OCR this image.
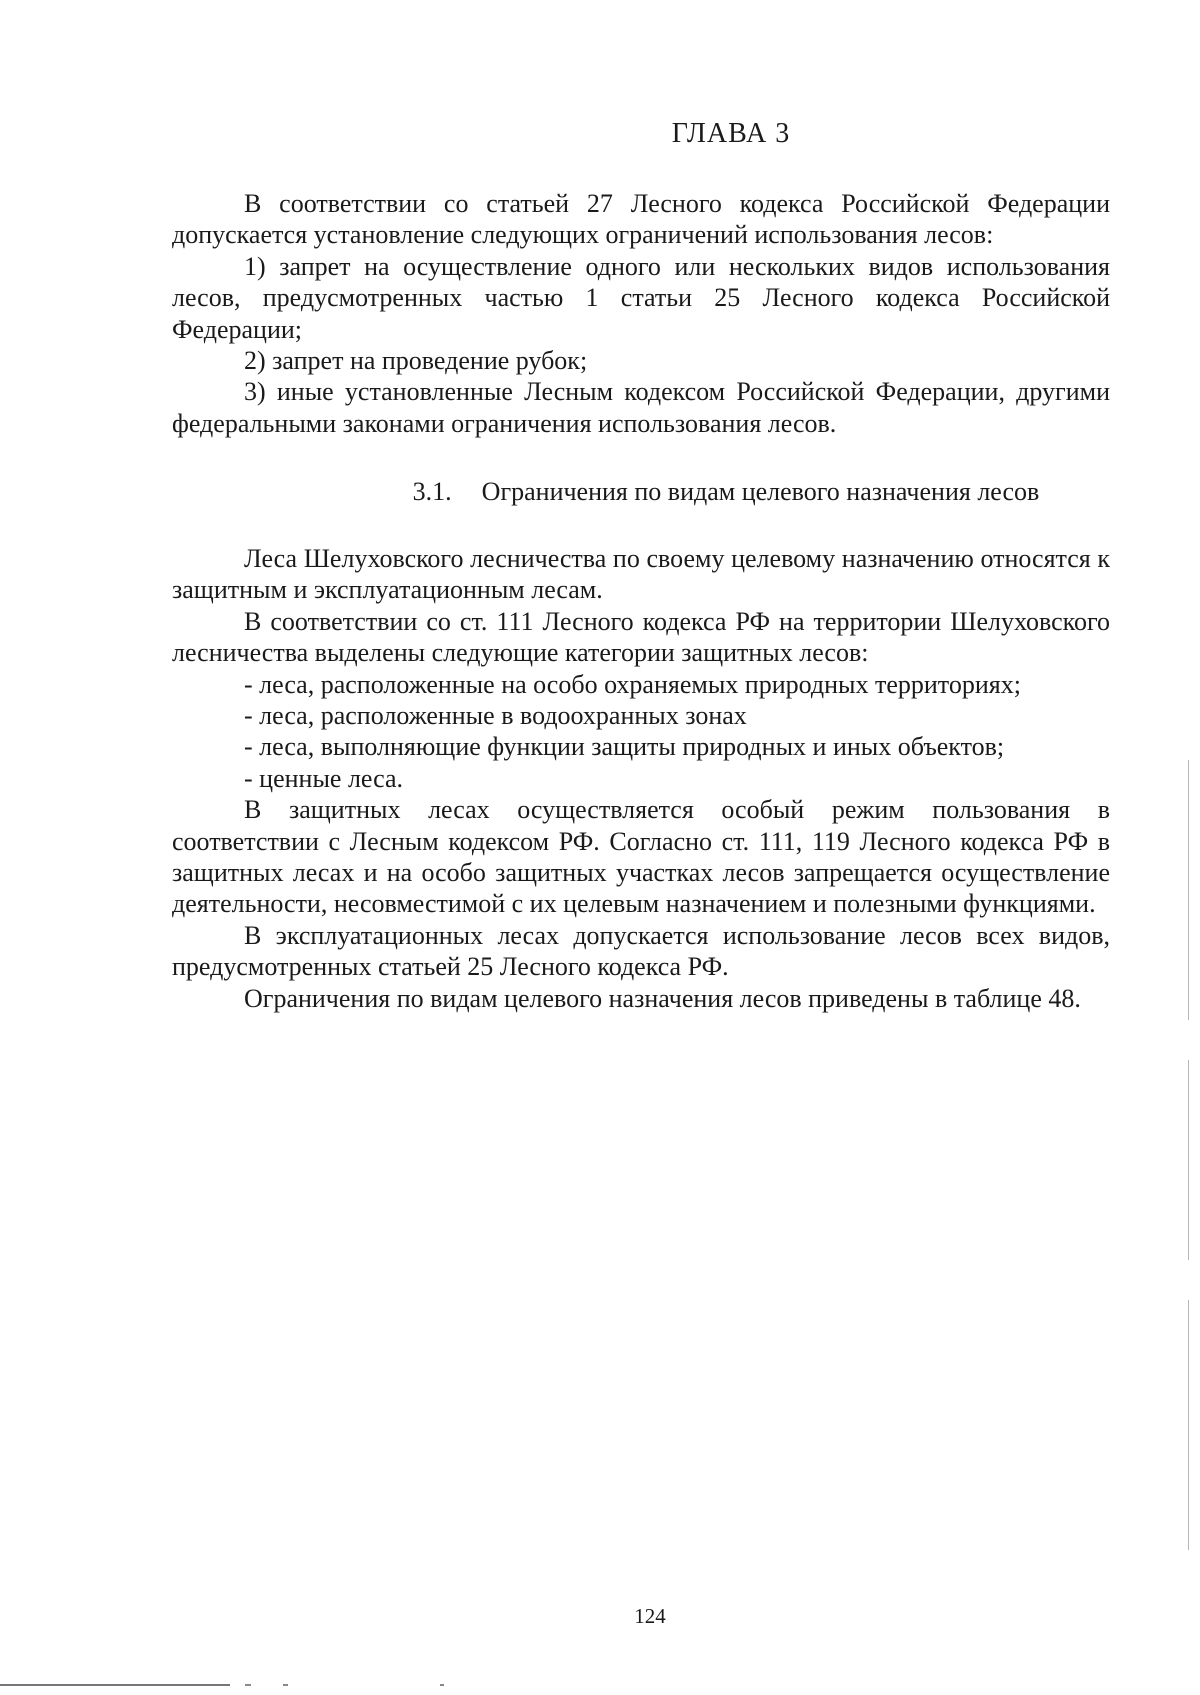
ГЛАВА 3

В соответствии со статьей 27 Лесного кодекса Российской Федерации допускается установление следующих ограничений использования лесов:

1) запрет на осуществление одного или нескольких видов использования лесов, предусмотренных частью 1 статьи 25 Лесного кодекса Российской Федерации;

2) запрет на проведение рубок;

3) иные установленные Лесным кодексом Российской Федерации, другими федеральными законами ограничения использования лесов.

3.1. Ограничения по видам целевого назначения лесов

Леса Шелуховского лесничества по своему целевому назначению относятся к защитным и эксплуатационным лесам.

В соответствии со ст. 111 Лесного кодекса РФ на территории Шелуховского лесничества выделены следующие категории защитных лесов:

- леса, расположенные на особо охраняемых природных территориях;

- леса, расположенные в водоохранных зонах

- леса, выполняющие функции защиты природных и иных объектов;

- ценные леса.

В защитных лесах осуществляется особый режим пользования в соответствии с Лесным кодексом РФ. Согласно ст. 111, 119 Лесного кодекса РФ в защитных лесах и на особо защитных участках лесов запрещается осуществление деятельности, несовместимой с их целевым назначением и полезными функциями.

В эксплуатационных лесах допускается использование лесов всех видов, предусмотренных статьей 25 Лесного кодекса РФ.

Ограничения по видам целевого назначения лесов приведены в таблице 48.

124
